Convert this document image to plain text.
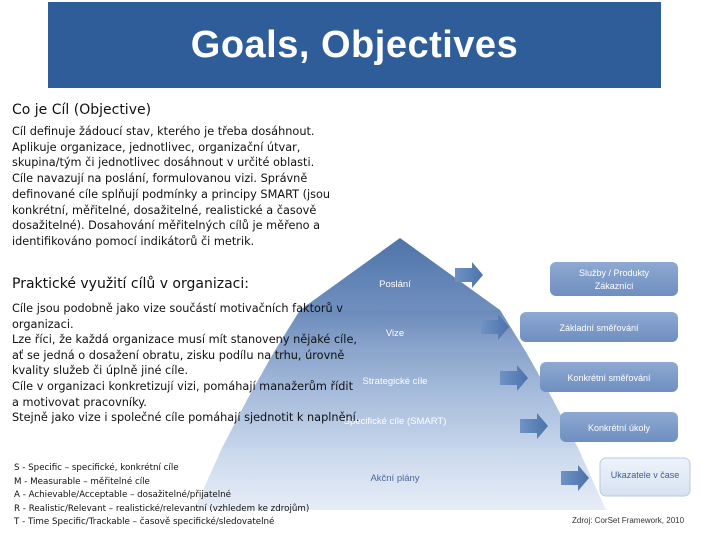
Goals, Objectives
Poslání
Vize
Strategické cíle
Specifické cíle (SMART)
Akční plány
Služby / Produkty
Zákazníci
Základní směřování
Konkrétní směřování
Konkrétní úkoly
Ukazatele v čase
Co je Cíl (Objective)

Cíl definuje žádoucí stav, kterého je třeba dosáhnout. Aplikuje organizace, jednotlivec, organizační útvar, skupina/tým či jednotlivec dosáhnout v určité oblasti. Cíle navazují na poslání, formulovanou vizi. Správně definované cíle splňují podmínky a principy SMART (jsou konkrétní, měřitelné, dosažitelné, realistické a časově dosažitelné). Dosahování měřitelných cílů je měřeno a identifikováno pomocí indikátorů či metrik.

Praktické využití cílů v organizaci:
Cíle jsou podobně jako vize součástí motivačních faktorů v organizaci.
Lze říci, že každá organizace musí mít stanoveny nějaké cíle, ať se jedná o dosažení obratu, zisku podílu na trhu, úrovně kvality služeb či úplně jiné cíle.
Cíle v organizaci konkretizují vizi, pomáhají manažerům řídit a motivovat pracovníky.
Stejně jako vize i společné cíle pomáhají sjednotit k naplnění.
S - Specific – specifické, konkrétní cíle
M - Measurable – měřitelné cíle
A - Achievable/Acceptable – dosažitelné/přijatelné
R - Realistic/Relevant – realistické/relevantní (vzhledem ke zdrojům)
T - Time Specific/Trackable – časově specifické/sledovatelné	Zdroj: CorSet Framework, 2010
